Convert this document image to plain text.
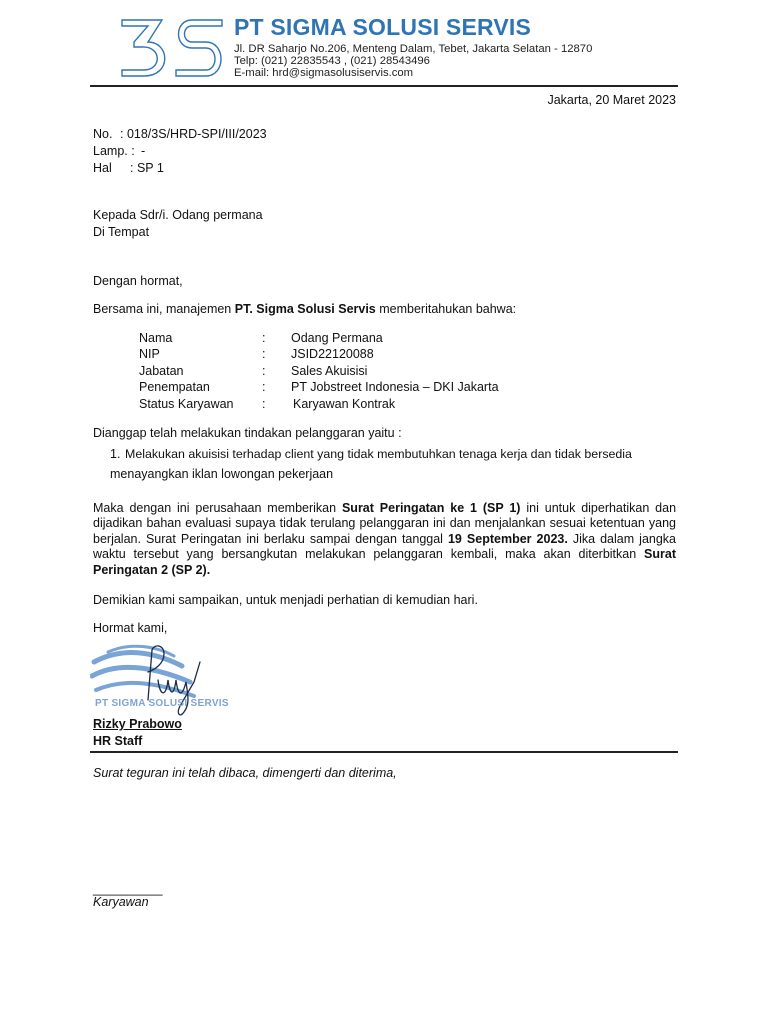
PT SIGMA SOLUSI SERVIS
Jl. DR Saharjo No.206, Menteng Dalam, Tebet, Jakarta Selatan - 12870
Telp: (021) 22835543 , (021) 28543496
E-mail: hrd@sigmasolusiservis.com
Jakarta, 20 Maret 2023
No. : 018/3S/HRD-SPI/III/2023
Lamp. : -
Hal : SP 1
Kepada Sdr/i. Odang permana
Di Tempat
Dengan hormat,
Bersama ini, manajemen PT. Sigma Solusi Servis memberitahukan bahwa:
Nama	: Odang Permana
NIP	: JSID22120088
Jabatan	: Sales Akuisisi
Penempatan	: PT Jobstreet Indonesia – DKI Jakarta
Status Karyawan : Karyawan Kontrak
Dianggap telah melakukan tindakan pelanggaran yaitu :
1. Melakukan akuisisi terhadap client yang tidak membutuhkan tenaga kerja dan tidak bersedia
menayangkan iklan lowongan pekerjaan
Maka dengan ini perusahaan memberikan Surat Peringatan ke 1 (SP 1) ini untuk diperhatikan dan dijadikan bahan evaluasi supaya tidak terulang pelanggaran ini dan menjalankan sesuai ketentuan yang berjalan. Surat Peringatan ini berlaku sampai dengan tanggal 19 September 2023. Jika dalam jangka waktu tersebut yang bersangkutan melakukan pelanggaran kembali, maka akan diterbitkan Surat Peringatan 2 (SP 2).
Demikian kami sampaikan, untuk menjadi perhatian di kemudian hari.
Hormat kami,
PT SIGMA SOLUSI SERVIS
Rizky Prabowo
HR Staff
Surat teguran ini telah dibaca, dimengerti dan diterima,
__________
Karyawan
